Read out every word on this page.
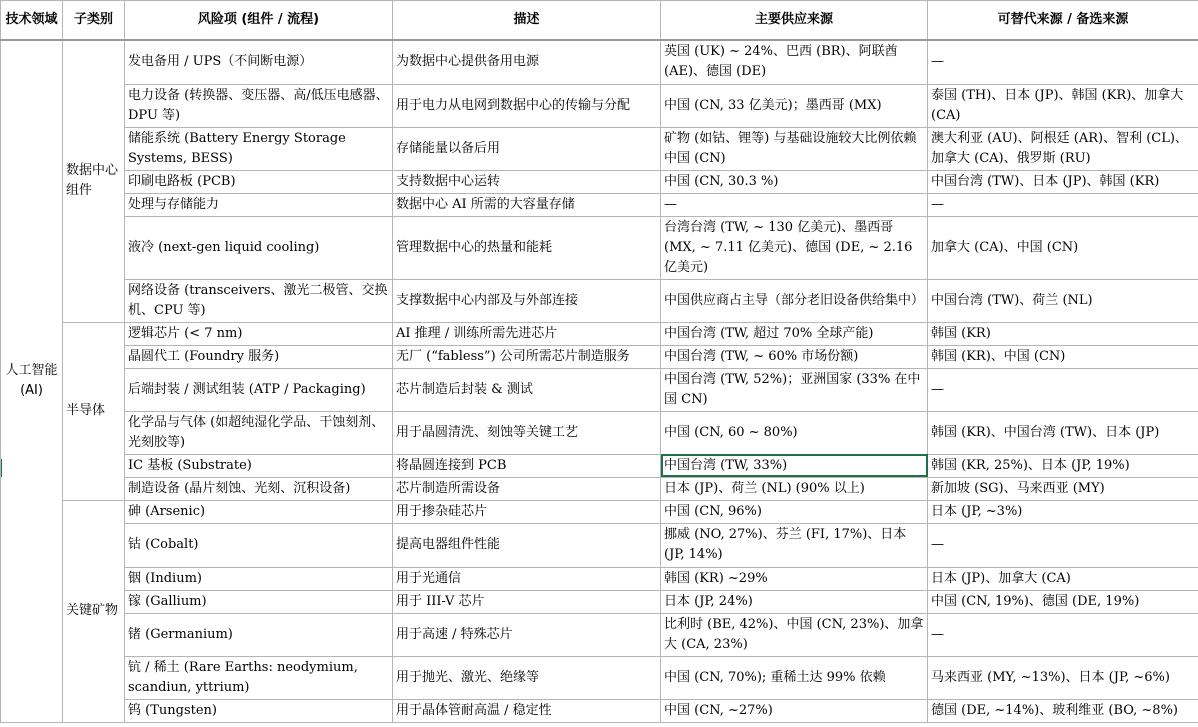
技术领域	子类别	风险项 (组件 / 流程)	描述	主要供应来源	可替代来源 / 备选来源
人工智能 (AI)	数据中心组件	发电备用 / UPS（不间断电源）	为数据中心提供备用电源	英国 (UK) ~ 24%、巴西 (BR)、阿联酋 (AE)、德国 (DE)	—
		电力设备 (转换器、变压器、高/低压电感器、DPU 等)	用于电力从电网到数据中心的传输与分配	中国 (CN, 33 亿美元)；墨西哥 (MX)	泰国 (TH)、日本 (JP)、韩国 (KR)、加拿大 (CA)
		储能系统 (Battery Energy Storage Systems, BESS)	存储能量以备后用	矿物 (如钴、锂等) 与基础设施较大比例依赖中国 (CN)	澳大利亚 (AU)、阿根廷 (AR)、智利 (CL)、加拿大 (CA)、俄罗斯 (RU)
		印刷电路板 (PCB)	支持数据中心运转	中国 (CN, 30.3 %)	中国台湾 (TW)、日本 (JP)、韩国 (KR)
		处理与存储能力	数据中心 AI 所需的大容量存储	—	—
		液冷 (next-gen liquid cooling)	管理数据中心的热量和能耗	台湾台湾 (TW, ~ 130 亿美元)、墨西哥 (MX, ~ 7.11 亿美元)、德国 (DE, ~ 2.16 亿美元)	加拿大 (CA)、中国 (CN)
		网络设备 (transceivers、激光二极管、交换机、CPU 等)	支撑数据中心内部及与外部连接	中国供应商占主导（部分老旧设备供给集中）	中国台湾 (TW)、荷兰 (NL)
	半导体	逻辑芯片 (< 7 nm)	AI 推理 / 训练所需先进芯片	中国台湾 (TW, 超过 70% 全球产能)	韩国 (KR)
		晶圆代工 (Foundry 服务)	无厂 (“fabless”) 公司所需芯片制造服务	中国台湾 (TW, ~ 60% 市场份额)	韩国 (KR)、中国 (CN)
		后端封装 / 测试组装 (ATP / Packaging)	芯片制造后封装 & 测试	中国台湾 (TW, 52%)；亚洲国家 (33% 在中国 CN)	—
		化学品与气体 (如超纯湿化学品、干蚀刻剂、光刻胶等)	用于晶圆清洗、刻蚀等关键工艺	中国 (CN, 60 ~ 80%)	韩国 (KR)、中国台湾 (TW)、日本 (JP)
		IC 基板 (Substrate)	将晶圆连接到 PCB	中国台湾 (TW, 33%)	韩国 (KR, 25%)、日本 (JP, 19%)
		制造设备 (晶片刻蚀、光刻、沉积设备)	芯片制造所需设备	日本 (JP)、荷兰 (NL) (90% 以上)	新加坡 (SG)、马来西亚 (MY)
	关键矿物	砷 (Arsenic)	用于掺杂硅芯片	中国 (CN, 96%)	日本 (JP, ~3%)
		钴 (Cobalt)	提高电器组件性能	挪威 (NO, 27%)、芬兰 (FI, 17%)、日本 (JP, 14%)	—
		铟 (Indium)	用于光通信	韩国 (KR) ~29%	日本 (JP)、加拿大 (CA)
		镓 (Gallium)	用于 III-V 芯片	日本 (JP, 24%)	中国 (CN, 19%)、德国 (DE, 19%)
		锗 (Germanium)	用于高速 / 特殊芯片	比利时 (BE, 42%)、中国 (CN, 23%)、加拿大 (CA, 23%)	—
		钪 / 稀土 (Rare Earths: neodymium, scandiun, yttrium)	用于抛光、激光、绝缘等	中国 (CN, 70%); 重稀土达 99% 依赖	马来西亚 (MY, ~13%)、日本 (JP, ~6%)
		钨 (Tungsten)	用于晶体管耐高温 / 稳定性	中国 (CN, ~27%)	德国 (DE, ~14%)、玻利维亚 (BO, ~8%)
